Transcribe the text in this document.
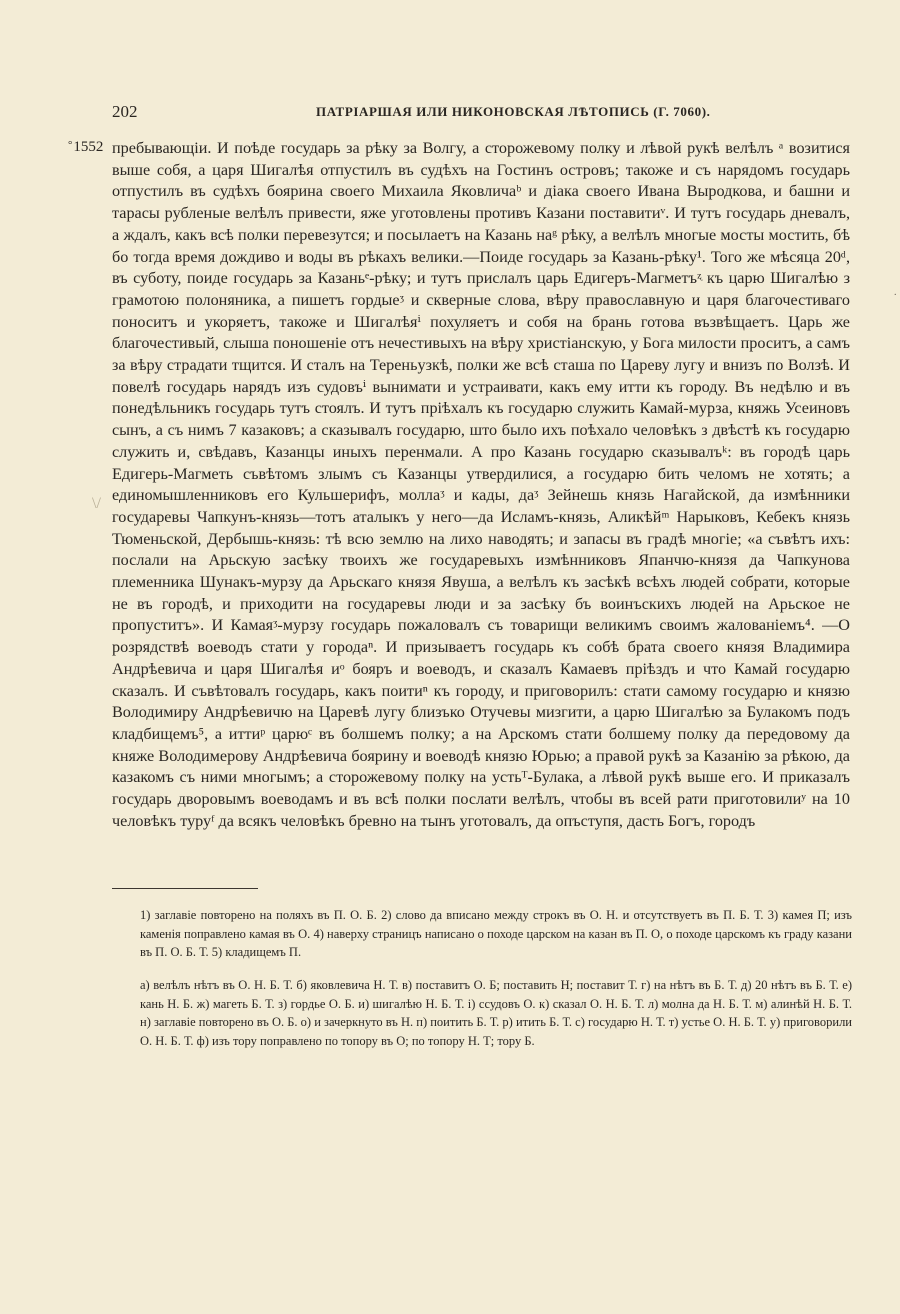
202	ПАТРІАРШАЯ ИЛИ НИКОНОВСКАЯ ЛѢТОПИСЬ (Г. 7060).
° 1552
\/
.

пребывающіи. И поѣде государь за рѣку за Волгу, а сторожевому полку и лѣвой рукѣ велѣлъ ᵃ возитися выше собя, а царя Шигалѣя отпустилъ въ судѣхъ на Гостинъ островъ; такоже и съ нарядомъ государь отпустилъ въ судѣхъ боярина своего Михаила Яковличаᵇ и діака своего Ивана Выродкова, и башни и тарасы рубленые велѣлъ привести, яже уготовлены противъ Казани поставитиᵛ. И тутъ государь дневалъ, а ждалъ, какъ всѣ полки перевезутся; и посылаетъ на Казань наᵍ рѣку, а велѣлъ многые мосты мостить, бѣ бо тогда время дождиво и воды въ рѣкахъ велики.—Поиде государь за Казань-рѣку¹. Того же мѣсяца 20ᵈ, въ суботу, поиде государь за Казаньᵉ-рѣку; и тутъ прислалъ царь Едигеръ-Магметъᶼ къ царю Шигалѣю з грамотою полоняника, а пишетъ гордыеᶾ и скверные слова, вѣру православную и царя благочестиваго поноситъ и укоряетъ, такоже и Шигалѣяⁱ похуляетъ и собя на брань готова възвѣщаетъ. Царь же благочестивый, слыша поношеніе отъ нечестивыхъ на вѣру христіанскую, у Бога милости проситъ, а самъ за вѣру страдати тщится. И сталъ на Тереньузкѣ, полки же всѣ сташа по Цареву лугу и внизъ по Волзѣ. И повелѣ государь нарядъ изъ судовъⁱ вынимати и устраивати, какъ ему итти къ городу. Въ недѣлю и въ понедѣльникъ государь тутъ стоялъ. И тутъ пріѣхалъ къ государю служить Камай-мурза, княжь Усеиновъ сынъ, а съ нимъ 7 казаковъ; а сказывалъ государю, што было ихъ поѣхало человѣкъ з двѣстѣ къ государю служить и, свѣдавъ, Казанцы иныхъ перенмали. А про Казань государю сказывалъᵏ: въ городѣ царь Едигерь-Магметь съвѣтомъ злымъ съ Казанцы утвердилися, а государю бить челомъ не хотять; а единомышленниковъ его Кульшерифъ, моллаᶾ и кады, даᶾ Зейнешь князь Нагайской, да измѣнники государевы Чапкунъ-князь—тотъ аталыкъ у него—да Исламъ-князь, Аликѣйᵐ Нарыковъ, Кебекъ князь Тюменьской, Дербышь-князь: тѣ всю землю на лихо наводять; и запасы въ градѣ многіе; «а съвѣтъ ихъ: послали на Арьскую засѣку твоихъ же государевыхъ измѣнниковъ Япанчю-князя да Чапкунова племенника Шунакъ-мурзу да Арьскаго князя Явуша, а велѣлъ къ засѣкѣ всѣхъ людей собрати, которые не въ городѣ, и приходити на государевы люди и за засѣку бъ воинъскихъ людей на Арьское не пропуститъ». И Камаяᶾ-мурзу государь пожаловалъ съ товарищи великимъ своимъ жалованіемъ⁴. —О розрядствѣ воеводъ стати у городаⁿ. И призываетъ государь къ собѣ брата своего князя Владимира Андрѣевича и царя Шигалѣя иᵒ бояръ и воеводъ, и сказалъ Камаевъ пріѣздъ и что Камай государю сказалъ. И съвѣтовалъ государь, какъ поитиⁿ къ городу, и приговорилъ: стати самому государю и князю Володимиру Андрѣевичю на Царевѣ лугу близъко Отучевы мизгити, а царю Шигалѣю за Булакомъ подъ кладбищемъ⁵, а иттиᵖ царюᶜ въ болшемъ полку; а на Арскомъ стати болшему полку да передовому да княже Володимерову Андрѣевича боярину и воеводѣ князю Юрью; а правой рукѣ за Казанію за рѣкою, да казакомъ съ ними многымъ; а сторожевому полку на устьᵀ-Булака, а лѣвой рукѣ выше его. И приказалъ государь дворовымъ воеводамъ и въ всѣ полки послати велѣлъ, чтобы въ всей рати приготовилиʸ на 10 человѣкъ туруᶠ да всякъ человѣкъ бревно на тынъ уготовалъ, да опъступя, дасть Богъ, городъ

1) заглавіе повторено на поляхъ въ П. О. Б. 2) слово да вписано между строкъ въ О. Н. и отсутствуетъ въ П. Б. Т. 3) камея П; изъ каменія поправлено камая въ О. 4) наверху страницъ написано о походе царском на казан въ П. О, о походе царскомъ къ граду казани въ П. О. Б. Т. 5) кладищемъ П.

а) велѣлъ нѣтъ въ О. Н. Б. Т. б) яковлевича Н. Т. в) поставитъ О. Б; поставить Н; поставит Т. г) на нѣтъ въ Б. Т. д) 20 нѣтъ въ Б. Т. е) кань Н. Б. ж) магеть Б. Т. з) гордье О. Б. и) шигалѣю Н. Б. Т. і) ссудовъ О. к) сказал О. Н. Б. Т. л) молна да Н. Б. Т. м) алинѣй Н. Б. Т. н) заглавіе повторено въ О. Б. о) и зачеркнуто въ Н. п) поитить Б. Т. р) итить Б. Т. с) государю Н. Т. т) устье О. Н. Б. Т. у) приговорили О. Н. Б. Т. ф) изъ тору поправлено по топору въ О; по топору Н. Т; тору Б.
